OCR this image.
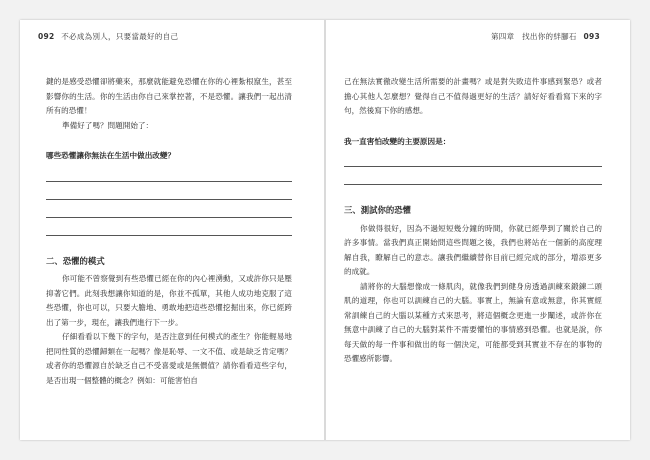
092 不必成為別人，只要當最好的自己

鍵的是感受恐懼卻將藥來，那麼就能避免恐懼在你的心裡紮根竄生，甚至影響你的生活。你的生活由你自己來掌控著，不是恐懼。讓我們一起出清所有的恐懼！

準備好了嗎？問題開始了：

哪些恐懼讓你無法在生活中做出改變？

二、恐懼的模式

你可能不曾察覺到有些恐懼已經在你的內心裡湧動，又或許你只是壓抑著它們。此刻我想讓你知道的是，你並不孤單，其他人成功地克服了這些恐懼，你也可以，只要大膽地、勇敢地把這些恐懼挖掘出來，你已經跨出了第一步，現在，讓我們進行下一步。

仔細看看以下幾下的字句，是否注意到任何模式的產生？你能輕易地把同性質的恐懼歸類在一起嗎？像是恥辱、一文不值、或是缺乏肯定嗎？或者你的恐懼源自於缺乏自己不受喜愛或是無價值？請你看看這些字句，是否出現一個整體的概念？例如：可能害怕自

第四章　找出你的絆腳石 093

己在無法實徹改變生活所需要的計畫嗎？或是對失敗這件事感到緊恐？或者擔心其他人怎麼想？覺得自己不值得過更好的生活？請好好看看寫下來的字句，然後寫下你的感想。

我一直害怕改變的主要原因是：

三、測試你的恐懼

你做得很好，因為不過短短幾分鐘的時間，你就已經學到了關於自己的許多事情。當我們真正開始問這些問題之後，我們也將站在一個新的高度理解自我，瞭解自己的意志。讓我們繼續替你目前已經完成的部分，增添更多的成就。

請將你的大腦想像成一條肌肉，就像我們到健身房透過訓練來鍛鍊二頭肌的道理，你也可以訓練自己的大腦。事實上，無論有意或無意，你其實經常訓練自己的大腦以某種方式來思考，將這個概念更進一步闡述，或許你在無意中訓練了自己的大腦對某件不需要懼怕的事情感到恐懼。也就是說，你每天做的每一件事和做出的每一個決定，可能都受到其實並不存在的事物的恐懼感所影響。
